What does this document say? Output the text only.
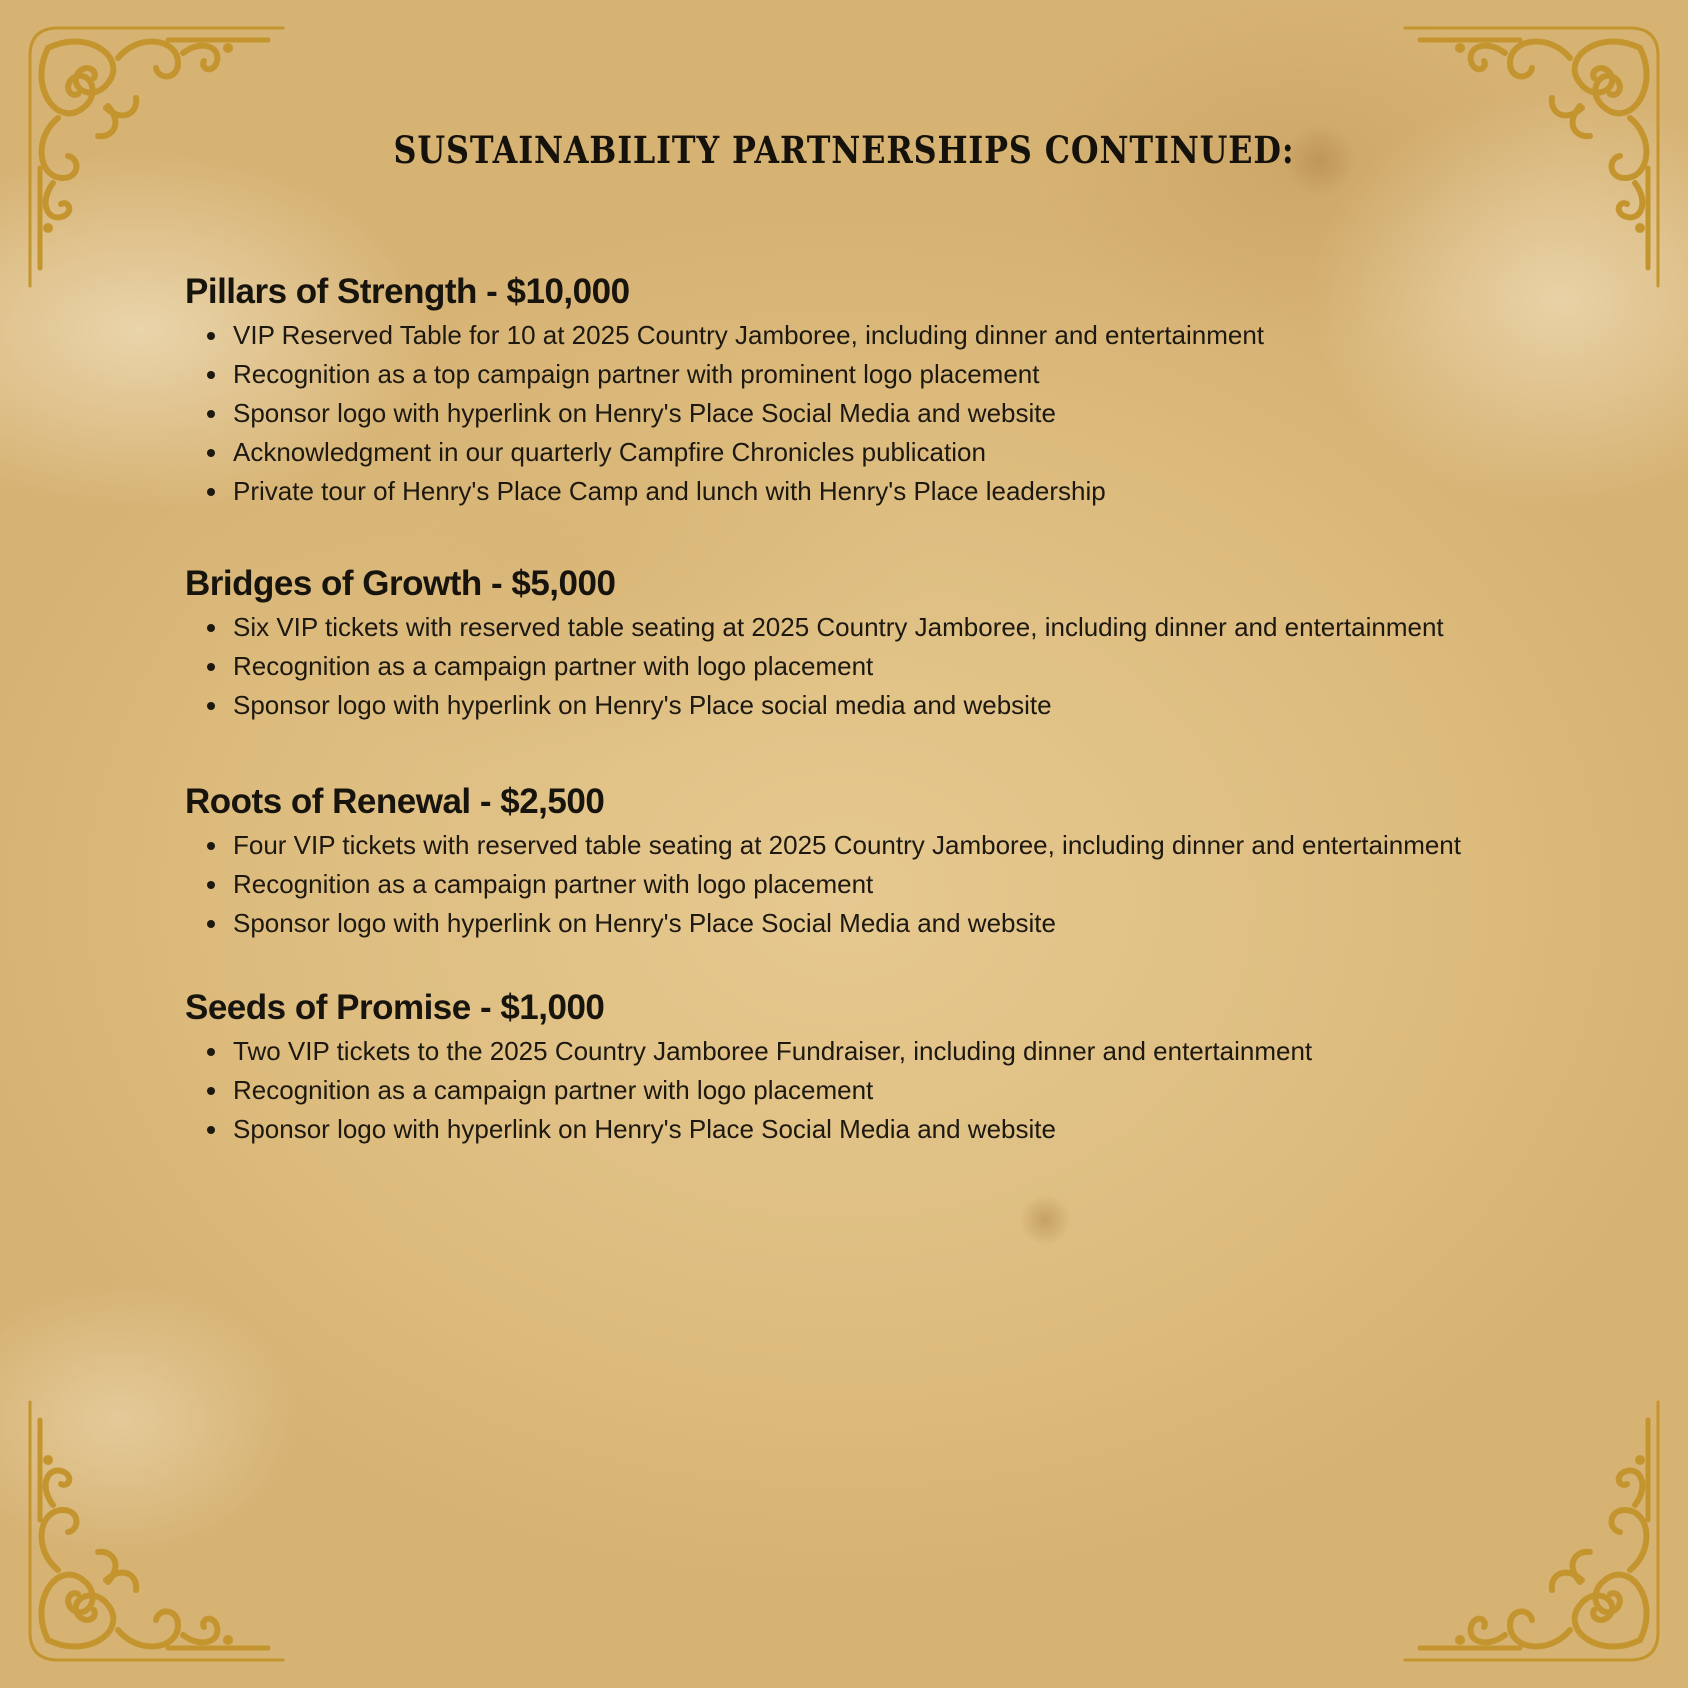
SUSTAINABILITY PARTNERSHIPS CONTINUED:
Pillars of Strength - $10,000
VIP Reserved Table for 10 at 2025 Country Jamboree, including dinner and entertainment
Recognition as a top campaign partner with prominent logo placement
Sponsor logo with hyperlink on Henry's Place Social Media and website
Acknowledgment in our quarterly Campfire Chronicles publication
Private tour of Henry's Place Camp and lunch with Henry's Place leadership
Bridges of Growth - $5,000
Six VIP tickets with reserved table seating at 2025 Country Jamboree, including dinner and entertainment
Recognition as a campaign partner with logo placement
Sponsor logo with hyperlink on Henry's Place social media and website
Roots of Renewal - $2,500
Four VIP tickets with reserved table seating at 2025 Country Jamboree, including dinner and entertainment
Recognition as a campaign partner with logo placement
Sponsor logo with hyperlink on Henry's Place Social Media and website
Seeds of Promise - $1,000
Two VIP tickets to the 2025 Country Jamboree Fundraiser, including dinner and entertainment
Recognition as a campaign partner with logo placement
Sponsor logo with hyperlink on Henry's Place Social Media and website
